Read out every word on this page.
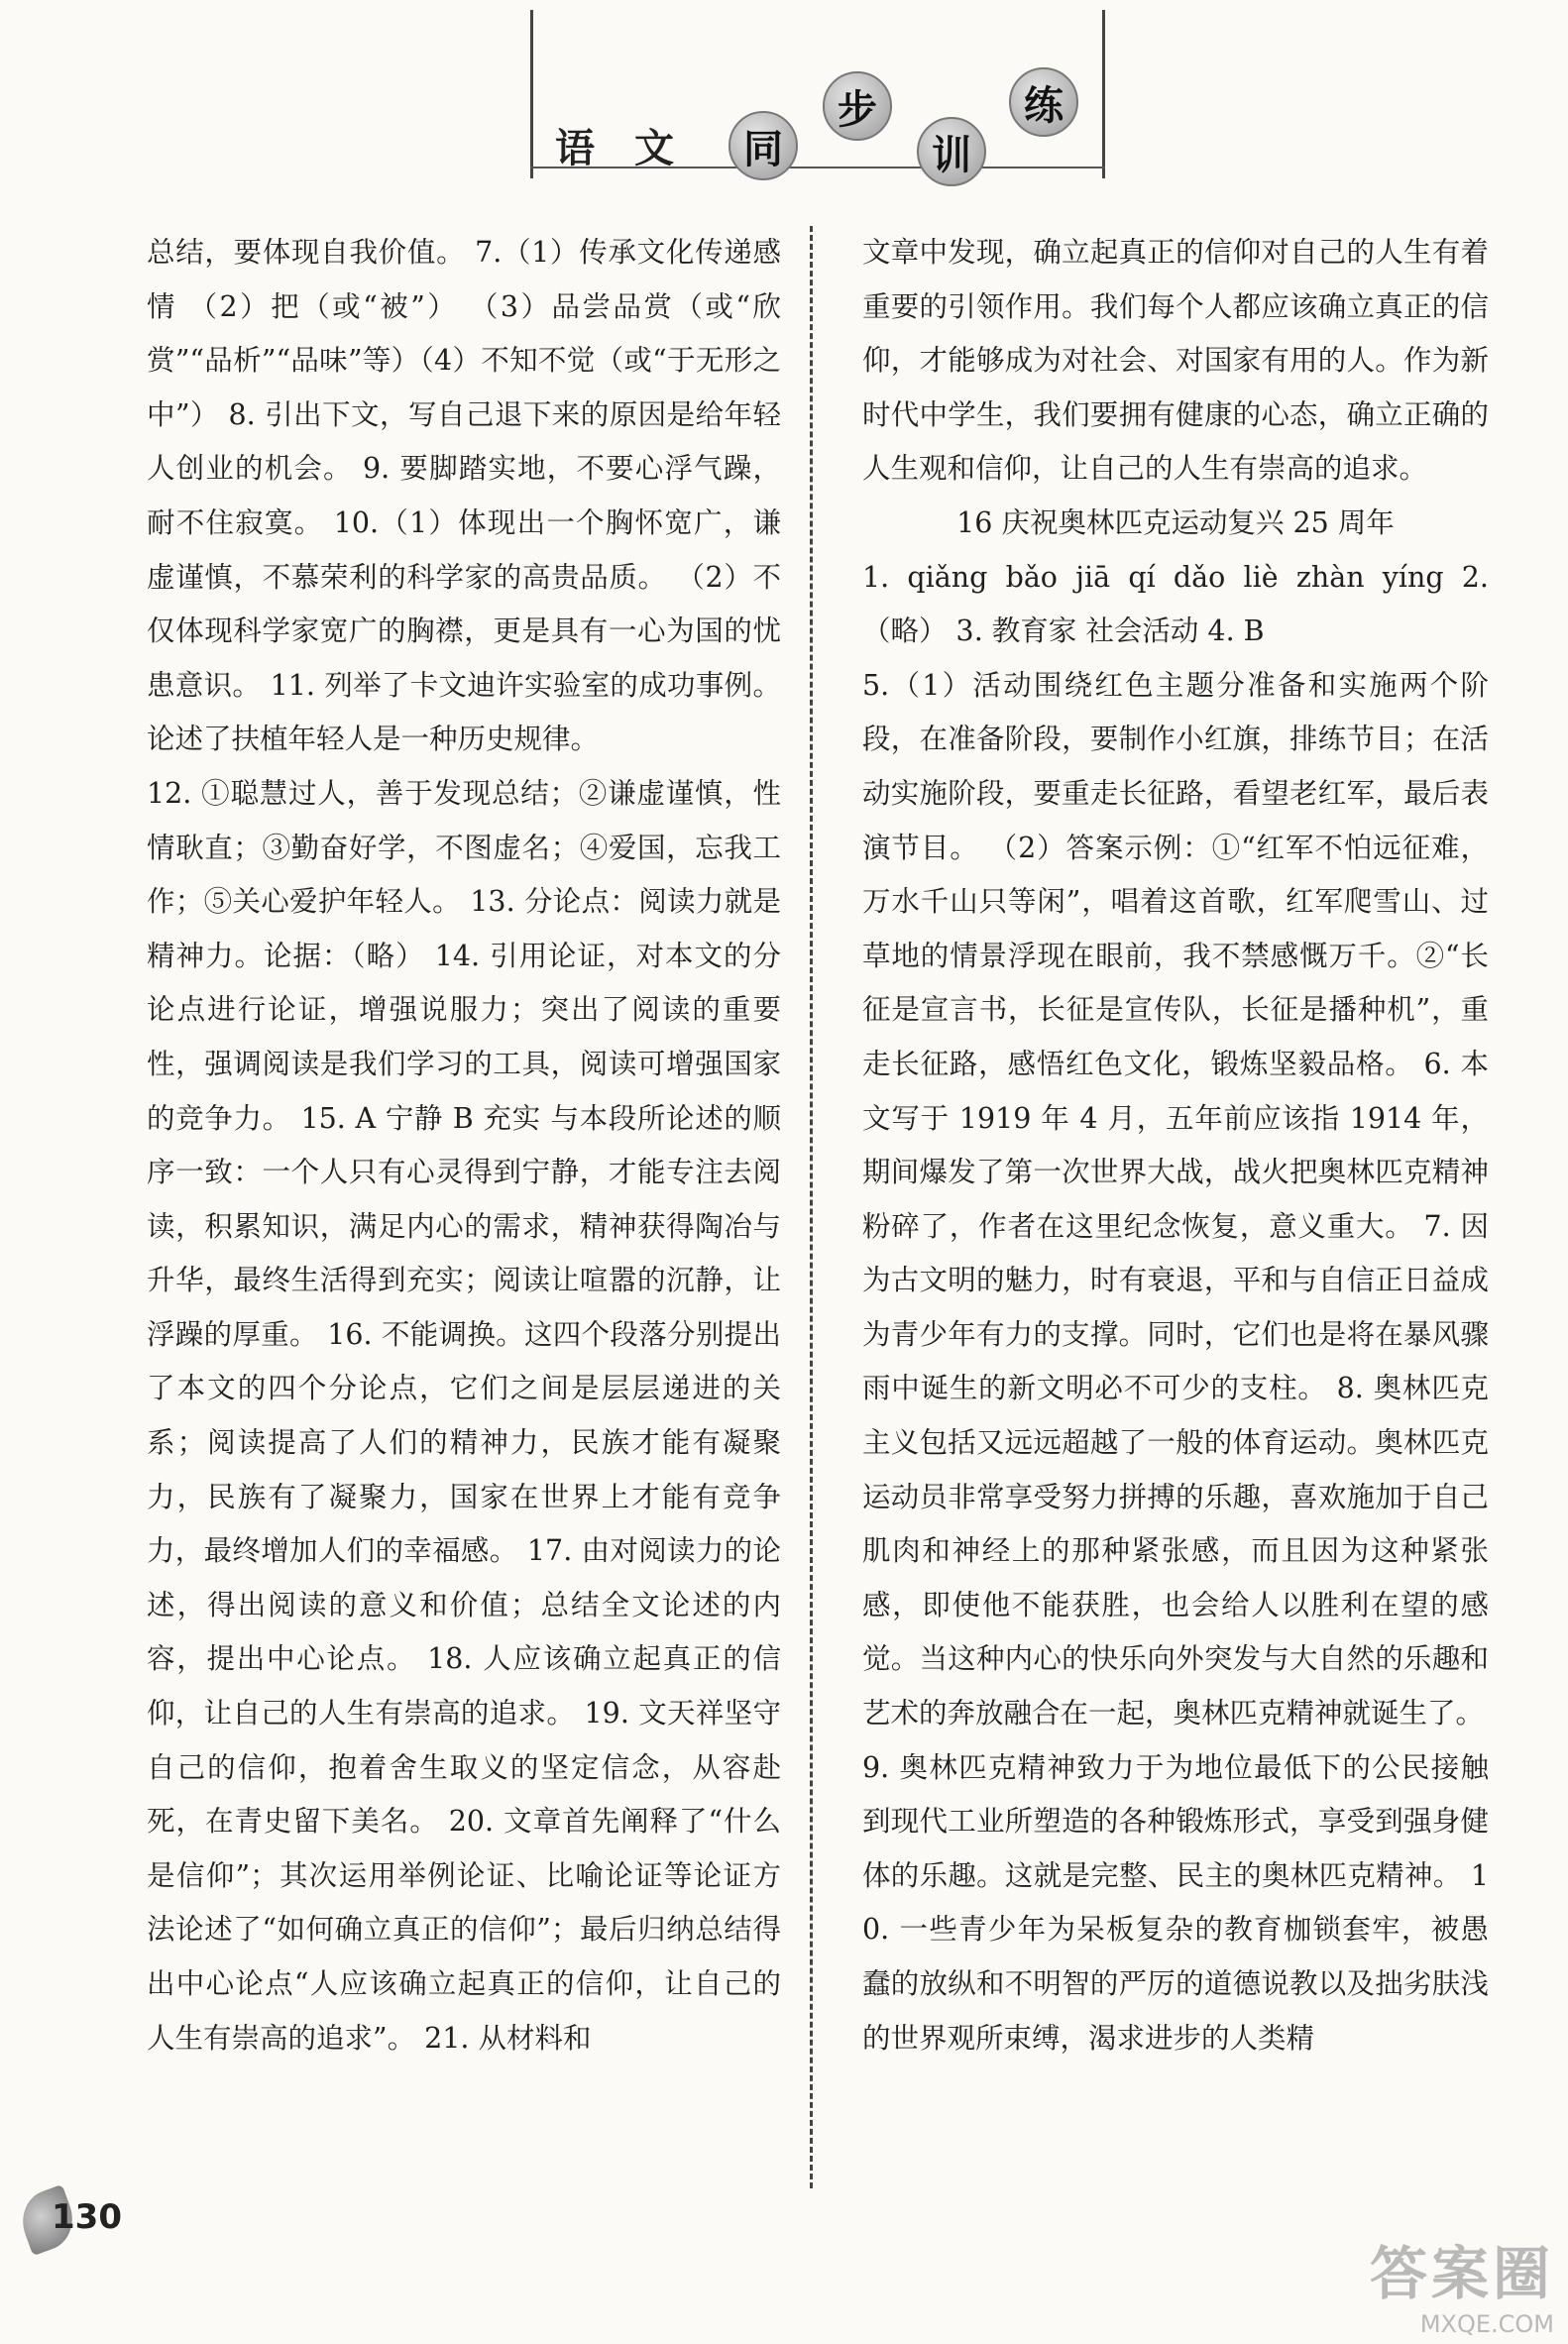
语 文	同
步
训
练

总结，要体现自我价值。 7.（1）传承文化传递感情 （2）把（或“被”） （3）品尝品赏（或“欣赏”“品析”“品味”等）（4）不知不觉（或“于无形之中”） 8. 引出下文，写自己退下来的原因是给年轻人创业的机会。 9. 要脚踏实地，不要心浮气躁，耐不住寂寞。 10.（1）体现出一个胸怀宽广，谦虚谨慎，不慕荣利的科学家的高贵品质。 （2）不仅体现科学家宽广的胸襟，更是具有一心为国的忧患意识。 11. 列举了卡文迪许实验室的成功事例。论述了扶植年轻人是一种历史规律。

12. ①聪慧过人，善于发现总结；②谦虚谨慎，性情耿直；③勤奋好学，不图虚名；④爱国，忘我工作；⑤关心爱护年轻人。 13. 分论点：阅读力就是精神力。论据：（略） 14. 引用论证，对本文的分论点进行论证，增强说服力；突出了阅读的重要性，强调阅读是我们学习的工具，阅读可增强国家的竞争力。 15. A 宁静 B 充实 与本段所论述的顺序一致：一个人只有心灵得到宁静，才能专注去阅读，积累知识，满足内心的需求，精神获得陶冶与升华，最终生活得到充实；阅读让喧嚣的沉静，让浮躁的厚重。 16. 不能调换。这四个段落分别提出了本文的四个分论点，它们之间是层层递进的关系；阅读提高了人们的精神力，民族才能有凝聚力，民族有了凝聚力，国家在世界上才能有竞争力，最终增加人们的幸福感。 17. 由对阅读力的论述，得出阅读的意义和价值；总结全文论述的内容，提出中心论点。 18. 人应该确立起真正的信仰，让自己的人生有崇高的追求。 19. 文天祥坚守自己的信仰，抱着舍生取义的坚定信念，从容赴死，在青史留下美名。 20. 文章首先阐释了“什么是信仰”；其次运用举例论证、比喻论证等论证方法论述了“如何确立真正的信仰”；最后归纳总结得出中心论点“人应该确立起真正的信仰，让自己的人生有崇高的追求”。 21. 从材料和

文章中发现，确立起真正的信仰对自己的人生有着重要的引领作用。我们每个人都应该确立真正的信仰，才能够成为对社会、对国家有用的人。作为新时代中学生，我们要拥有健康的心态，确立正确的人生观和信仰，让自己的人生有崇高的追求。

16 庆祝奥林匹克运动复兴 25 周年

1. qiǎng bǎo jiā qí dǎo liè zhàn yíng 2.（略） 3. 教育家 社会活动 4. B

5.（1）活动围绕红色主题分准备和实施两个阶段，在准备阶段，要制作小红旗，排练节目；在活动实施阶段，要重走长征路，看望老红军，最后表演节目。 （2）答案示例：①“红军不怕远征难，万水千山只等闲”，唱着这首歌，红军爬雪山、过草地的情景浮现在眼前，我不禁感慨万千。②“长征是宣言书，长征是宣传队，长征是播种机”，重走长征路，感悟红色文化，锻炼坚毅品格。 6. 本文写于 1919 年 4 月，五年前应该指 1914 年，期间爆发了第一次世界大战，战火把奥林匹克精神粉碎了，作者在这里纪念恢复，意义重大。 7. 因为古文明的魅力，时有衰退，平和与自信正日益成为青少年有力的支撑。同时，它们也是将在暴风骤雨中诞生的新文明必不可少的支柱。 8. 奥林匹克主义包括又远远超越了一般的体育运动。奥林匹克运动员非常享受努力拼搏的乐趣，喜欢施加于自己肌肉和神经上的那种紧张感，而且因为这种紧张感，即使他不能获胜，也会给人以胜利在望的感觉。当这种内心的快乐向外突发与大自然的乐趣和艺术的奔放融合在一起，奥林匹克精神就诞生了。

9. 奥林匹克精神致力于为地位最低下的公民接触到现代工业所塑造的各种锻炼形式，享受到强身健体的乐趣。这就是完整、民主的奥林匹克精神。 10. 一些青少年为呆板复杂的教育枷锁套牢，被愚蠢的放纵和不明智的严厉的道德说教以及拙劣肤浅的世界观所束缚，渴求进步的人类精

130
答案圈
MXQE.COM
